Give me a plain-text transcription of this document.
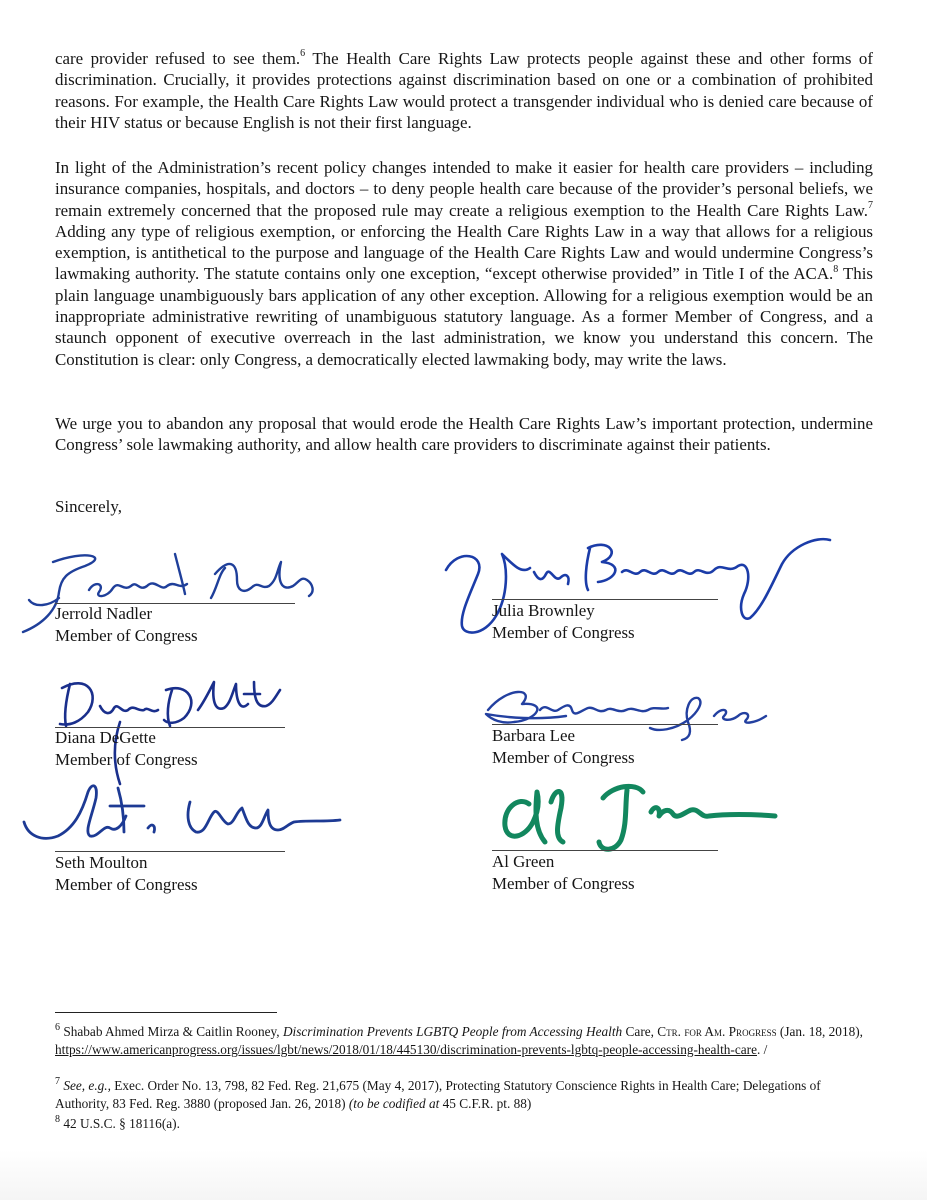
care provider refused to see them.$^6$ The Health Care Rights Law protects people against these and other forms of discrimination. Crucially, it provides protections against discrimination based on one or a combination of prohibited reasons. For example, the Health Care Rights Law would protect a transgender individual who is denied care because of their HIV status or because English is not their first language.

In light of the Administration’s recent policy changes intended to make it easier for health care providers – including insurance companies, hospitals, and doctors – to deny people health care because of the provider’s personal beliefs, we remain extremely concerned that the proposed rule may create a religious exemption to the Health Care Rights Law.$^7$ Adding any type of religious exemption, or enforcing the Health Care Rights Law in a way that allows for a religious exemption, is antithetical to the purpose and language of the Health Care Rights Law and would undermine Congress’s lawmaking authority. The statute contains only one exception, “except otherwise provided” in Title I of the ACA.$^8$ This plain language unambiguously bars application of any other exception. Allowing for a religious exemption would be an inappropriate administrative rewriting of unambiguous statutory language. As a former Member of Congress, and a staunch opponent of executive overreach in the last administration, we know you understand this concern. The Constitution is clear: only Congress, a democratically elected lawmaking body, may write the laws.

We urge you to abandon any proposal that would erode the Health Care Rights Law’s important protection, undermine Congress’ sole lawmaking authority, and allow health care providers to discriminate against their patients.

Sincerely,

Jerrold Nadler
Member of Congress
Julia Brownley
Member of Congress
Diana DeGette
Member of Congress
Barbara Lee
Member of Congress
Seth Moulton
Member of Congress
Al Green
Member of Congress

$^6$ Shabab Ahmed Mirza & Caitlin Rooney, Discrimination Prevents LGBTQ People from Accessing Health Care, Ctr. for Am. Progress (Jan. 18, 2018), https://www.americanprogress.org/issues/lgbt/news/2018/01/18/445130/discrimination-prevents-lgbtq-people-accessing-health-care. /

$^7$ See, e.g., Exec. Order No. 13, 798, 82 Fed. Reg. 21,675 (May 4, 2017), Protecting Statutory Conscience Rights in Health Care; Delegations of Authority, 83 Fed. Reg. 3880 (proposed Jan. 26, 2018) (to be codified at 45 C.F.R. pt. 88)

$^8$ 42 U.S.C. § 18116(a).
